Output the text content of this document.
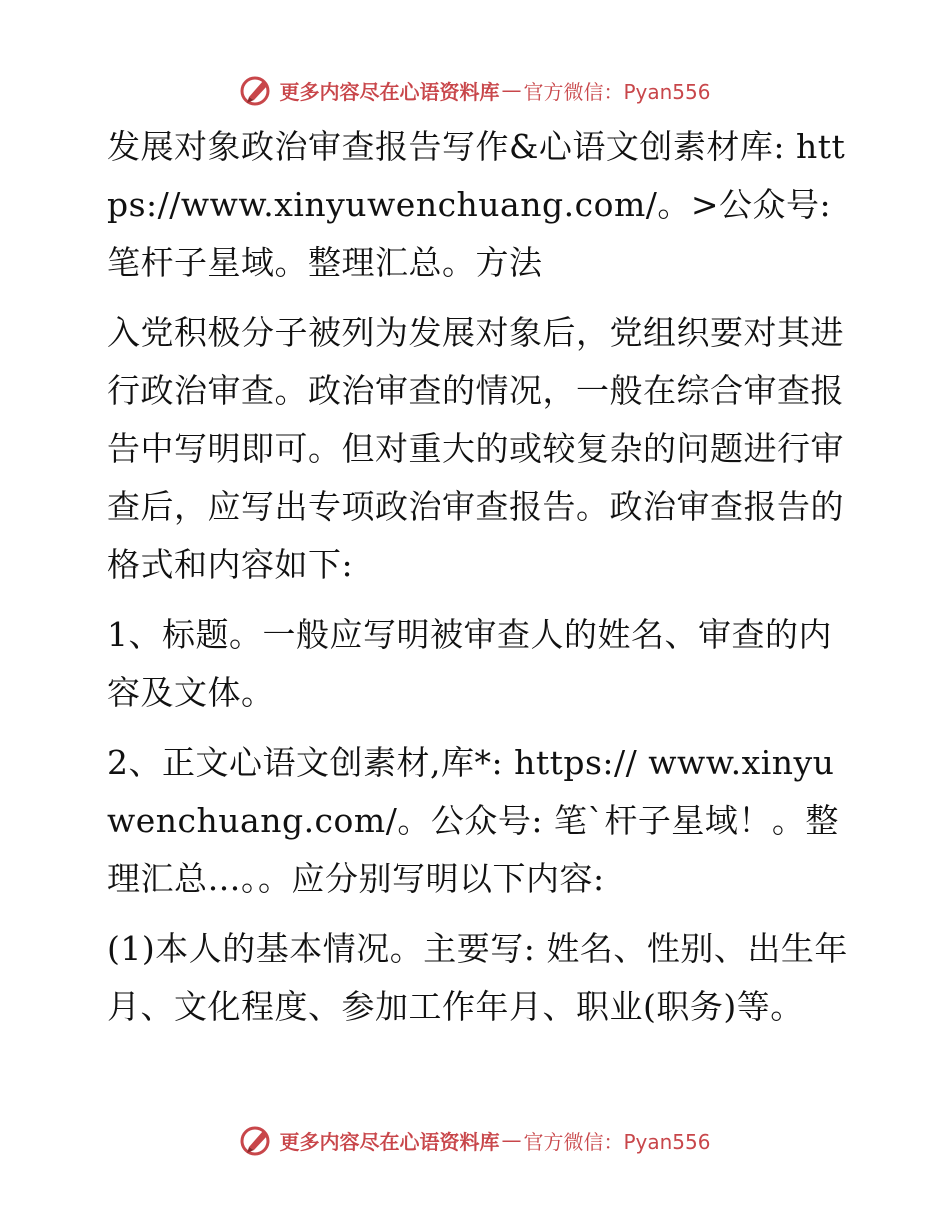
更多内容尽在心语资料库 — 官方微信：Pyan556

发展对象政治审查报告写作&心语文创素材库: https://www.xinyuwenchuang.com/。>公众号: 笔杆子星域。整理汇总。方法

入党积极分子被列为发展对象后，党组织要对其进行政治审查。政治审查的情况，一般在综合审查报告中写明即可。但对重大的或较复杂的问题进行审查后，应写出专项政治审查报告。政治审查报告的格式和内容如下:

1、标题。一般应写明被审查人的姓名、审查的内容及文体。

2、正文心语文创素材,库*: https:// www.xinyuwenchuang.com/。公众号: 笔`杆子星域！。整理汇总…。。应分别写明以下内容:

(1)本人的基本情况。主要写: 姓名、性别、出生年月、文化程度、参加工作年月、职业(职务)等。

更多内容尽在心语资料库 — 官方微信：Pyan556
